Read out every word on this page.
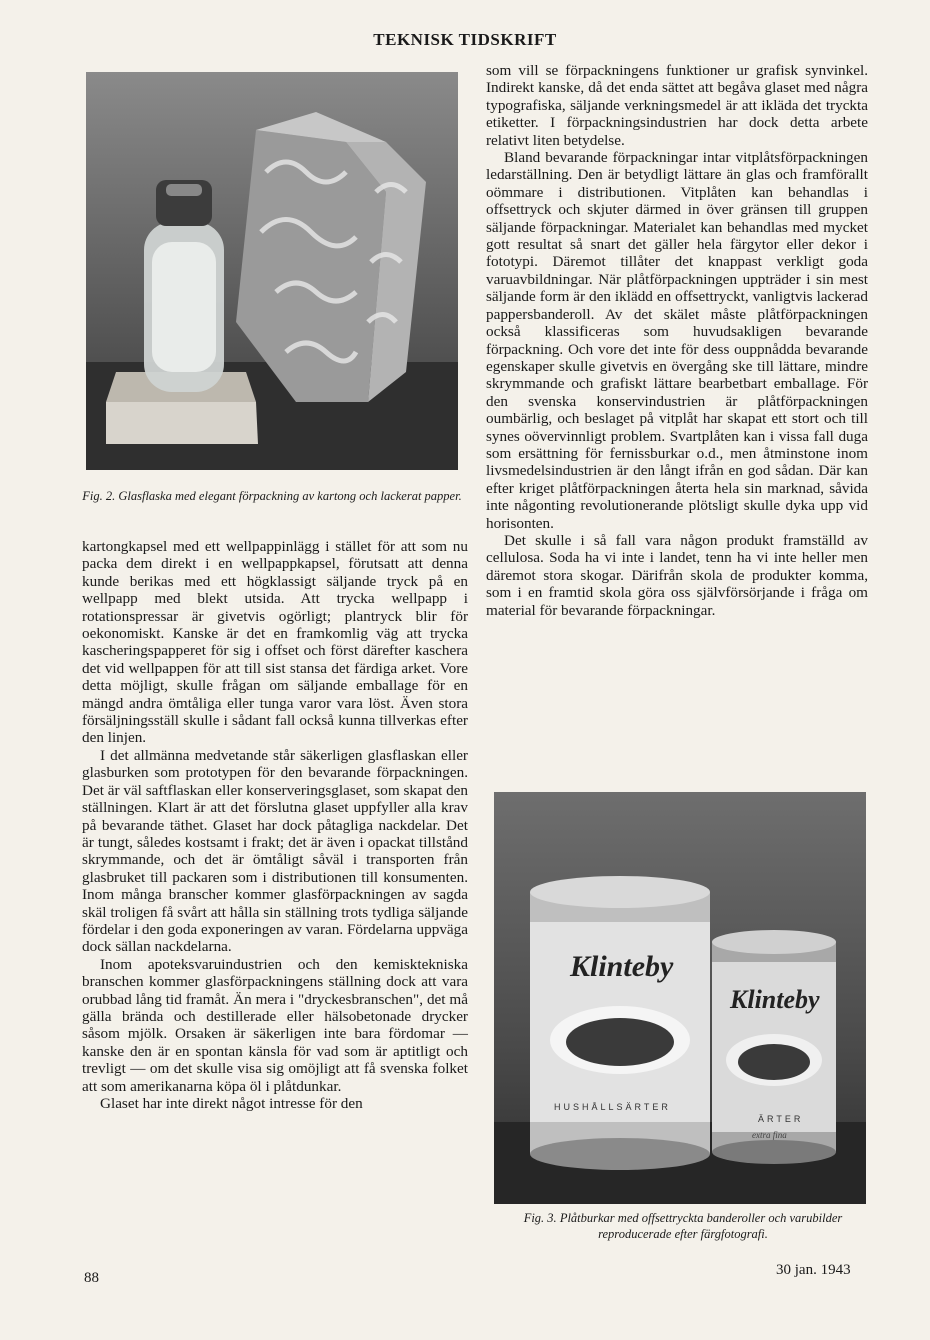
TEKNISK TIDSKRIFT
Fig. 2. Glasflaska med elegant förpackning av kartong och lackerat papper.

kartongkapsel med ett wellpappinlägg i stället för att som nu packa dem direkt i en wellpappkapsel, förutsatt att denna kunde berikas med ett högklassigt säljande tryck på en wellpapp med blekt utsida. Att trycka wellpapp i rotationspressar är givetvis ogörligt; plantryck blir för oekonomiskt. Kanske är det en framkomlig väg att trycka kascheringspapperet för sig i offset och först därefter kaschera det vid wellpappen för att till sist stansa det färdiga arket. Vore detta möjligt, skulle frågan om säljande emballage för en mängd andra ömtåliga eller tunga varor vara löst. Även stora försäljningsställ skulle i sådant fall också kunna tillverkas efter den linjen.

I det allmänna medvetande står säkerligen glasflaskan eller glasburken som prototypen för den bevarande förpackningen. Det är väl saftflaskan eller konserveringsglaset, som skapat den ställningen. Klart är att det förslutna glaset uppfyller alla krav på bevarande täthet. Glaset har dock påtagliga nackdelar. Det är tungt, således kostsamt i frakt; det är även i opackat tillstånd skrymmande, och det är ömtåligt såväl i transporten från glasbruket till packaren som i distributionen till konsumenten. Inom många branscher kommer glasförpackningen av sagda skäl troligen få svårt att hålla sin ställning trots tydliga säljande fördelar i den goda exponeringen av varan. Fördelarna uppväga dock sällan nackdelarna.

Inom apoteksvaruindustrien och den kemisktekniska branschen kommer glasförpackningens ställning dock att vara orubbad lång tid framåt. Än mera i "dryckesbranschen", det må gälla brända och destillerade eller hälsobetonade drycker såsom mjölk. Orsaken är säkerligen inte bara fördomar — kanske den är en spontan känsla för vad som är aptitligt och trevligt — om det skulle visa sig omöjligt att få svenska folket att som amerikanarna köpa öl i plåtdunkar.

Glaset har inte direkt något intresse för den

som vill se förpackningens funktioner ur grafisk synvinkel. Indirekt kanske, då det enda sättet att begåva glaset med några typografiska, säljande verkningsmedel är att ikläda det tryckta etiketter. I förpackningsindustrien har dock detta arbete relativt liten betydelse.

Bland bevarande förpackningar intar vitplåtsförpackningen ledarställning. Den är betydligt lättare än glas och framförallt oömmare i distributionen. Vitplåten kan behandlas i offsettryck och skjuter därmed in över gränsen till gruppen säljande förpackningar. Materialet kan behandlas med mycket gott resultat så snart det gäller hela färgytor eller dekor i fototypi. Däremot tillåter det knappast verkligt goda varuavbildningar. När plåtförpackningen uppträder i sin mest säljande form är den iklädd en offsettryckt, vanligtvis lackerad pappersbanderoll. Av det skälet måste plåtförpackningen också klassificeras som huvudsakligen bevarande förpackning. Och vore det inte för dess ouppnådda bevarande egenskaper skulle givetvis en övergång ske till lättare, mindre skrymmande och grafiskt lättare bearbetbart emballage. För den svenska konservindustrien är plåtförpackningen oumbärlig, och beslaget på vitplåt har skapat ett stort och till synes oövervinnligt problem. Svartplåten kan i vissa fall duga som ersättning för fernissburkar o.d., men åtminstone inom livsmedelsindustrien är den långt ifrån en god sådan. Där kan efter kriget plåtförpackningen återta hela sin marknad, såvida inte någonting revolutionerande plötsligt skulle dyka upp vid horisonten.

Det skulle i så fall vara någon produkt framställd av cellulosa. Soda ha vi inte i landet, tenn ha vi inte heller men däremot stora skogar. Därifrån skola de produkter komma, som i en framtid skola göra oss självförsörjande i fråga om material för bevarande förpackningar.

Klinteby
HUSHÅLLSÄRTER
Klinteby
ÄRTER
extra fina
Fig. 3. Plåtburkar med offsettryckta banderoller och varubilder reproducerade efter färgfotografi.
88	30 jan. 1943
